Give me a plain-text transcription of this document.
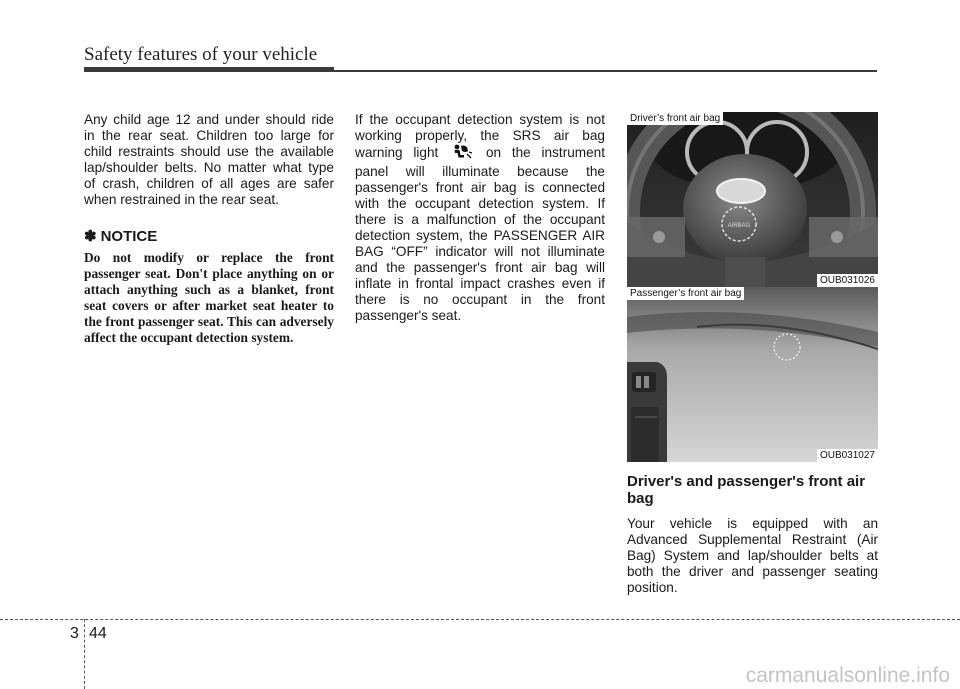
Safety features of your vehicle

Any child age 12 and under should ride in the rear seat. Children too large for child restraints should use the available lap/shoulder belts. No matter what type of crash, children of all ages are safer when restrained in the rear seat.

✽ NOTICE

Do not modify or replace the front passenger seat. Don't place anything on or attach anything such as a blanket, front seat covers or after market seat heater to the front passenger seat. This can adversely affect the occupant detection system.

If the occupant detection system is not working properly, the SRS air bag warning light	on the instrument panel will illuminate because the passenger's front air bag is connected with the occupant detection system. If there is a malfunction of the occupant detection system, the PASSENGER AIR BAG “OFF” indicator will not illuminate and the passenger's front air bag will inflate in frontal impact crashes even if there is no occupant in the front passenger's seat.

AIRBAG
Driver’s front air bag
OUB031026
Passenger’s front air bag
OUB031027
Driver's and passenger's front air bag

Your vehicle is equipped with an Advanced Supplemental Restraint (Air Bag) System and lap/shoulder belts at both the driver and passenger seating position.

3 44
carmanualsonline.info
